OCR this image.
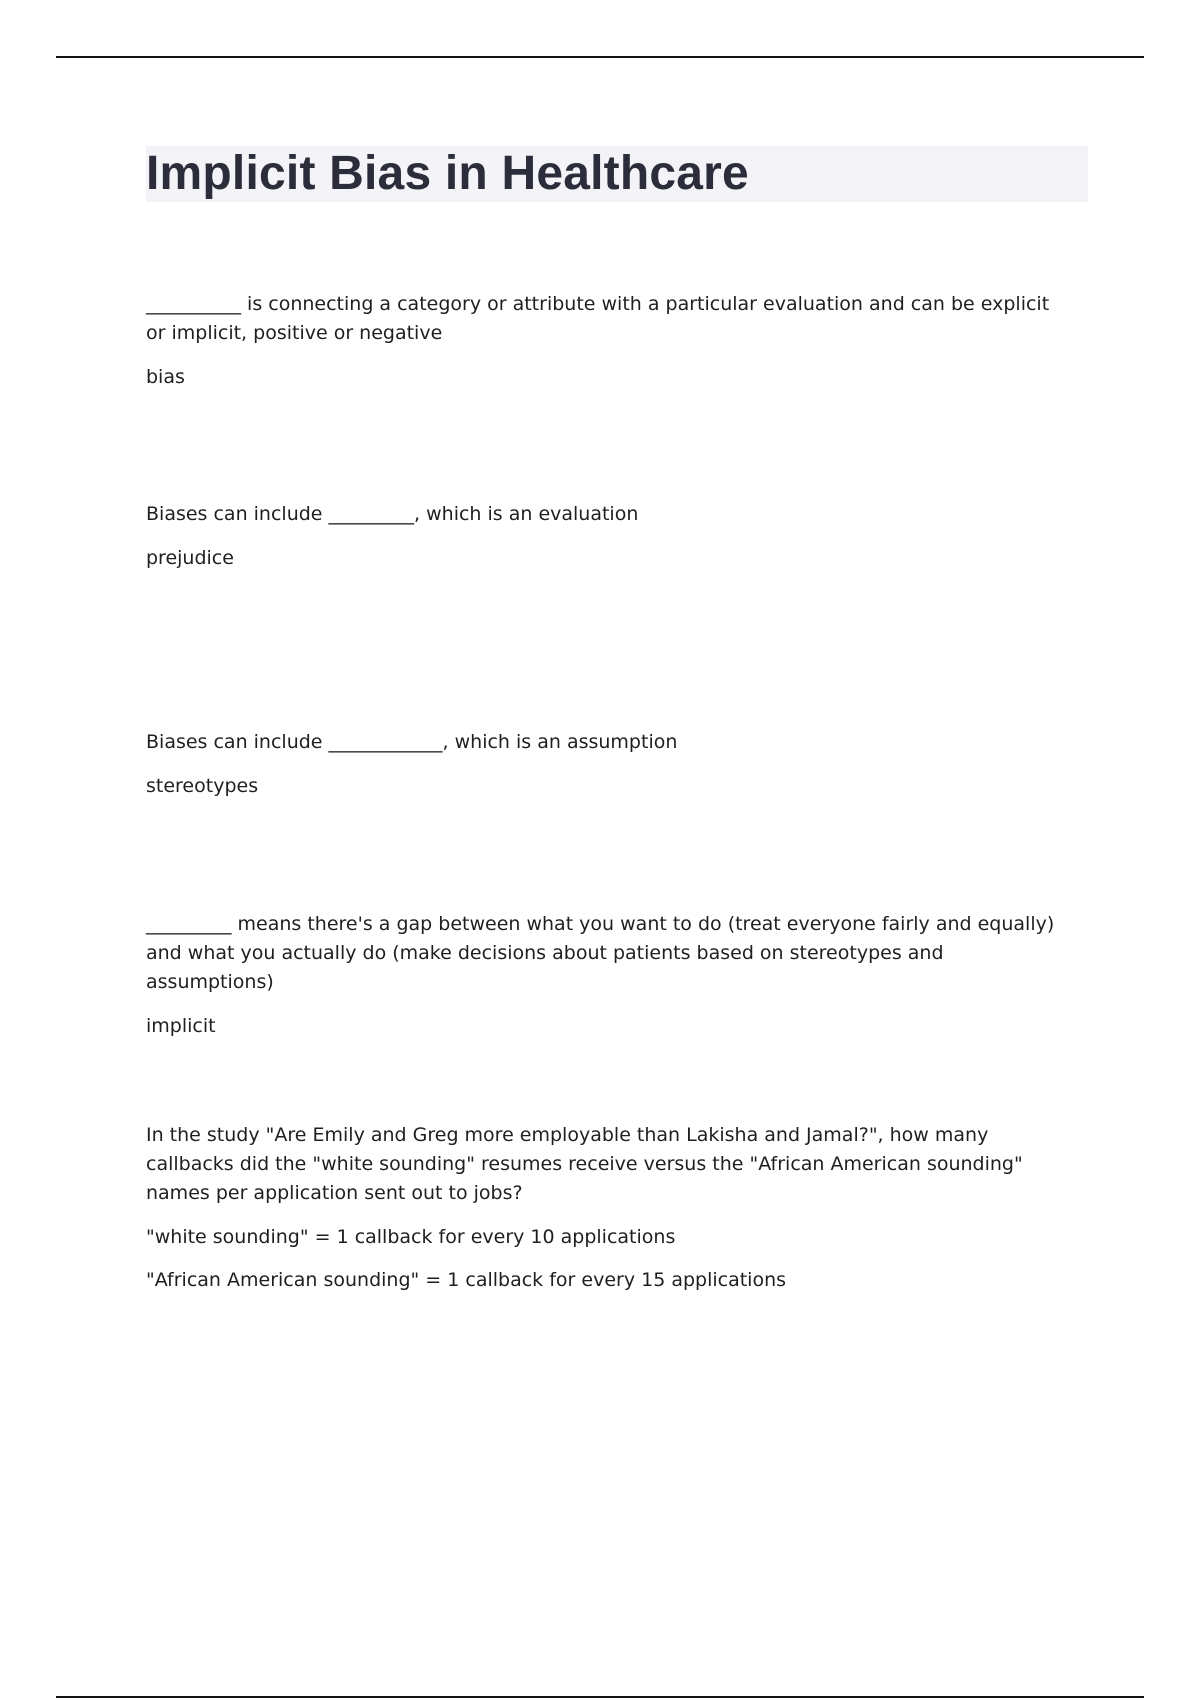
Implicit Bias in Healthcare

__________ is connecting a category or attribute with a particular evaluation and can be explicit or implicit, positive or negative

bias

Biases can include _________, which is an evaluation

prejudice

Biases can include ____________, which is an assumption

stereotypes

_________ means there's a gap between what you want to do (treat everyone fairly and equally) and what you actually do (make decisions about patients based on stereotypes and assumptions)

implicit

In the study "Are Emily and Greg more employable than Lakisha and Jamal?", how many callbacks did the "white sounding" resumes receive versus the "African American sounding" names per application sent out to jobs?

"white sounding" = 1 callback for every 10 applications

"African American sounding" = 1 callback for every 15 applications
